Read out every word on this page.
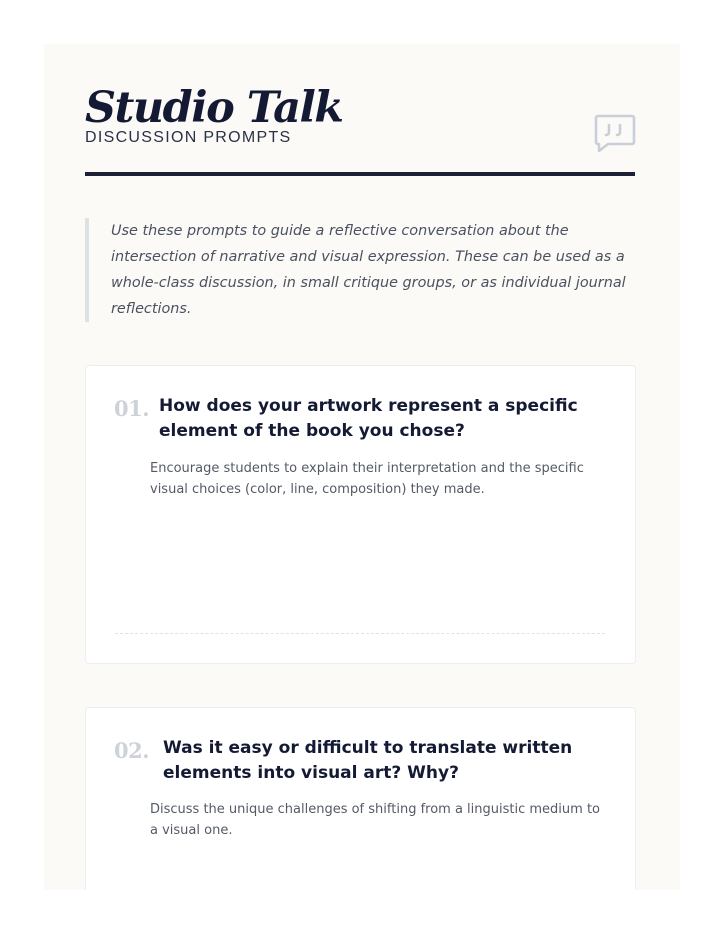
Studio Talk
DISCUSSION PROMPTS
Use these prompts to guide a reflective conversation about the intersection of narrative and visual expression. These can be used as a whole-class discussion, in small critique groups, or as individual journal reflections.
01. How does your artwork represent a specific element of the book you chose?
Encourage students to explain their interpretation and the specific visual choices (color, line, composition) they made.
02. Was it easy or difficult to translate written elements into visual art? Why?
Discuss the unique challenges of shifting from a linguistic medium to a visual one.
